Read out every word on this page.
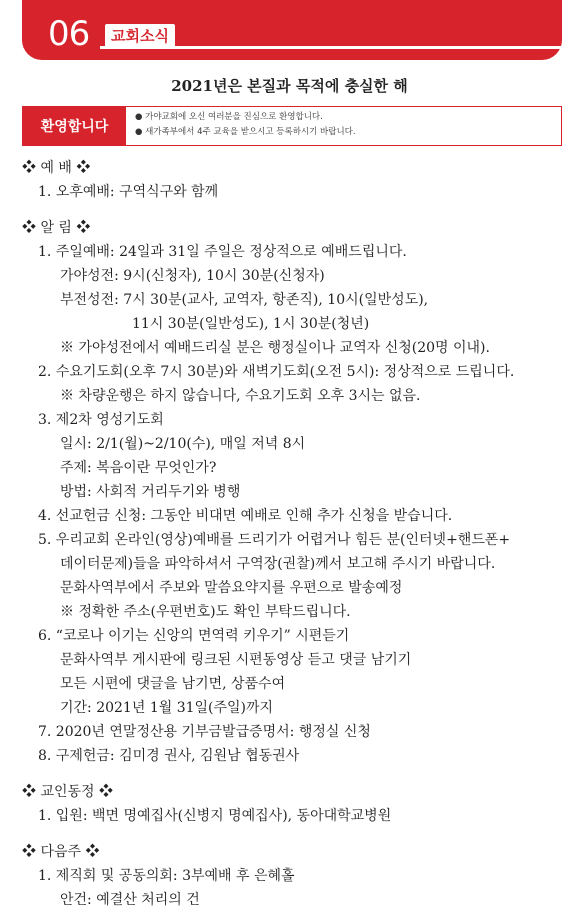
06	교회소식
2021년은 본질과 목적에 충실한 해
환영합니다
● 가야교회에 오신 여러분을 진심으로 환영합니다.
● 새가족부에서 4주 교육을 받으시고 등록하시기 바랍니다.
❖ 예 배 ❖
1. 오후예배: 구역식구와 함께
❖ 알 림 ❖
1. 주일예배: 24일과 31일 주일은 정상적으로 예배드립니다.
가야성전: 9시(신청자), 10시 30분(신청자)
부전성전: 7시 30분(교사, 교역자, 항존직), 10시(일반성도),
11시 30분(일반성도), 1시 30분(청년)
※ 가야성전에서 예배드리실 분은 행정실이나 교역자 신청(20명 이내).
2. 수요기도회(오후 7시 30분)와 새벽기도회(오전 5시): 정상적으로 드립니다.
※ 차량운행은 하지 않습니다, 수요기도회 오후 3시는 없음.
3. 제2차 영성기도회
일시: 2/1(월)~2/10(수), 매일 저녁 8시
주제: 복음이란 무엇인가?
방법: 사회적 거리두기와 병행
4. 선교헌금 신청: 그동안 비대면 예배로 인해 추가 신청을 받습니다.
5. 우리교회 온라인(영상)예배를 드리기가 어렵거나 힘든 분(인터넷+핸드폰+
데이터문제)들을 파악하셔서 구역장(권찰)께서 보고해 주시기 바랍니다.
문화사역부에서 주보와 말씀요약지를 우편으로 발송예정
※ 정확한 주소(우편번호)도 확인 부탁드립니다.
6. “코로나 이기는 신앙의 면역력 키우기” 시편듣기
문화사역부 게시판에 링크된 시편동영상 듣고 댓글 남기기
모든 시편에 댓글을 남기면, 상품수여
기간: 2021년 1월 31일(주일)까지
7. 2020년 연말정산용 기부금발급증명서: 행정실 신청
8. 구제헌금: 김미경 권사, 김원남 협동권사
❖ 교인동정 ❖
1. 입원: 백면 명예집사(신병지 명예집사), 동아대학교병원
❖ 다음주 ❖
1. 제직회 및 공동의회: 3부예배 후 은혜홀
안건: 예결산 처리의 건
